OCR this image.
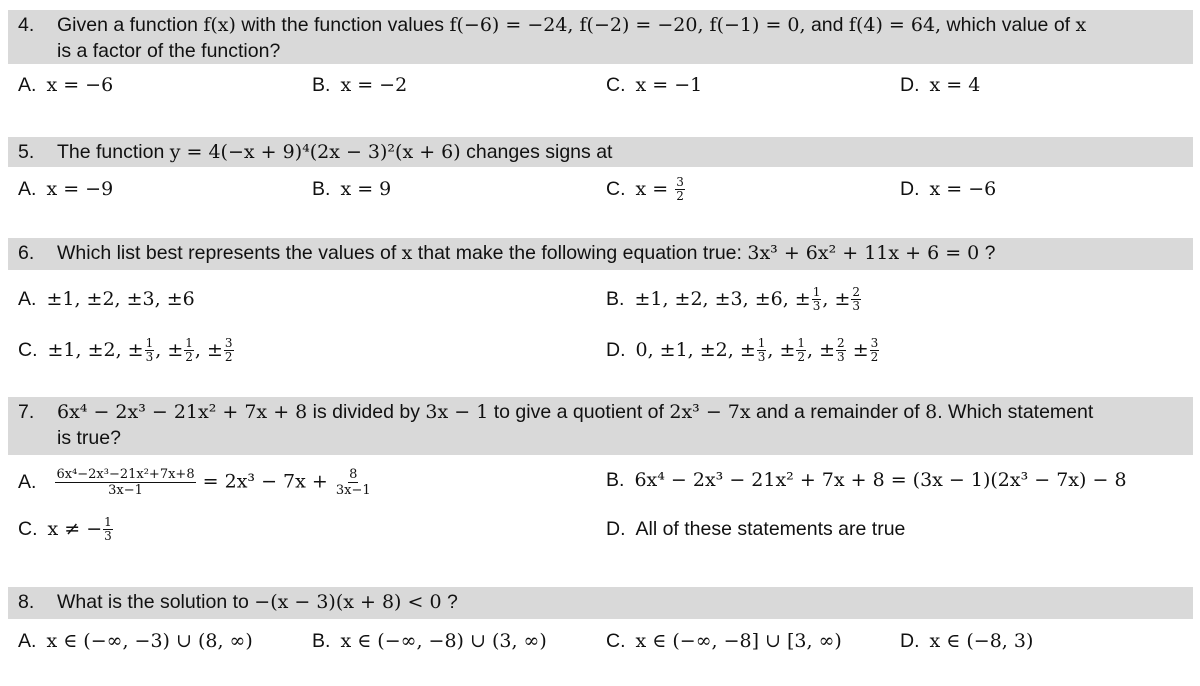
4. Given a function f(x) with the function values f(−6) = −24, f(−2) = −20, f(−1) = 0, and f(4) = 64, which value of x
is a factor of the function?
A. x = −6	B. x = −2	C. x = −1	D. x = 4
5. The function y = 4(−x + 9)⁴(2x − 3)²(x + 6) changes signs at
A. x = −9	B. x = 9	C. $x = \frac{3}{2}$	D. x = −6
6. Which list best represents the values of x that make the following equation true: 3x³ + 6x² + 11x + 6 = 0 ?
A. ±1, ±2, ±3, ±6	B. ±1, ±2, ±3, ±6, ± $\frac{1}{3}$ , ± $\frac{2}{3}$
C. ±1, ±2, ± $\frac{1}{3}$ , ± $\frac{1}{2}$ , ± $\frac{3}{2}$	D. 0, ±1, ±2, ± $\frac{1}{3}$ , ± $\frac{1}{2}$ , ± $\frac{2}{3} \pm \frac{3}{2}$
7. 6x⁴ − 2x³ − 21x² + 7x + 8 is divided by 3x − 1 to give a quotient of 2x³ − 7x and a remainder of 8. Which statement
is true?
A. $\frac{\text{6x⁴−2x³−21x²+7x+8}}{3x-1} = 2x^3 - 7x + \frac{8}{3x-1}$	B. 6x⁴ − 2x³ − 21x² + 7x + 8 = (3x − 1)(2x³ − 7x) − 8
C. x ≠ − $\frac{1}{3}$	D. All of these statements are true
8. What is the solution to −(x − 3)(x + 8) < 0 ?
A. x ∈ (−∞, −3) ∪ (8, ∞)	B. x ∈ (−∞, −8) ∪ (3, ∞)	C. x ∈ (−∞, −8] ∪ [3, ∞)	D. x ∈ (−8, 3)
